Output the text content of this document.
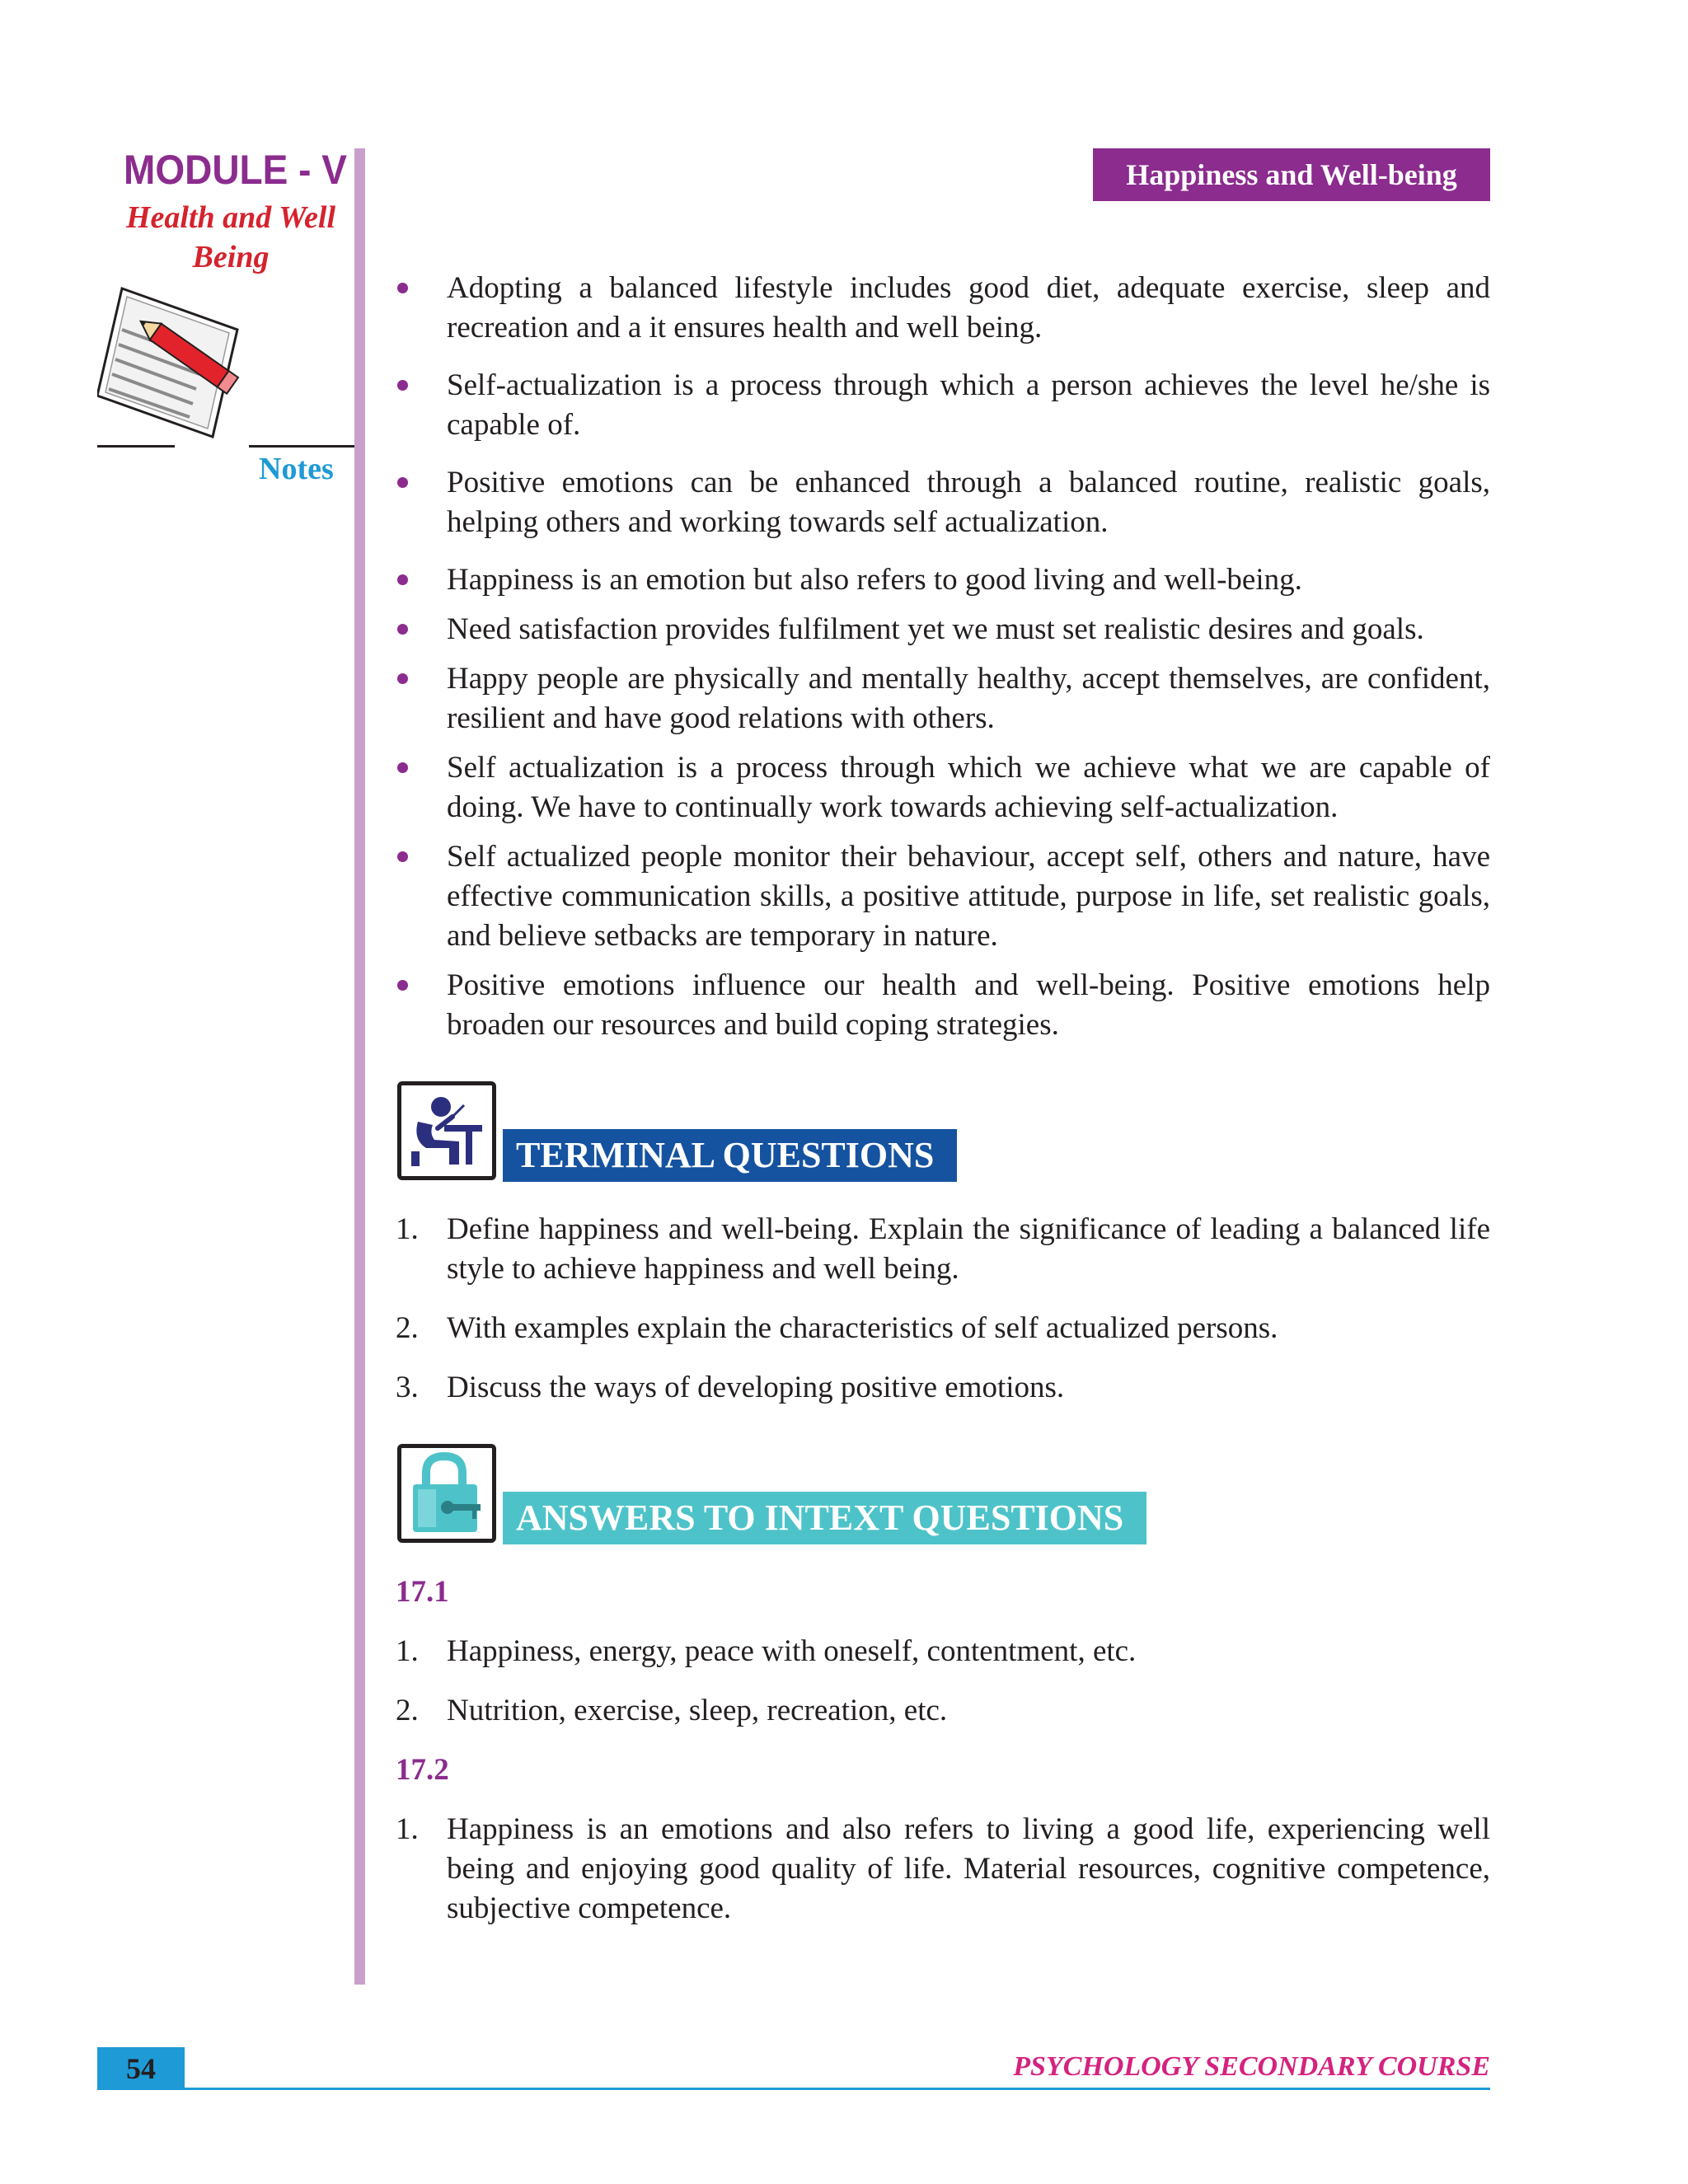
MODULE - V
Health and Well
Being
Notes
Happiness and Well-being
Adopting a balanced lifestyle includes good diet, adequate exercise, sleep and recreation and a it ensures health and well being.
Self-actualization is a process through which a person achieves the level he/she is capable of.
Positive emotions can be enhanced through a balanced routine, realistic goals, helping others and working towards self actualization.
Happiness is an emotion but also refers to good living and well-being.
Need satisfaction provides fulfilment yet we must set realistic desires and goals.
Happy people are physically and mentally healthy, accept themselves, are confident, resilient and have good relations with others.
Self actualization is a process through which we achieve what we are capable of doing. We have to continually work towards achieving self-actualization.
Self actualized people monitor their behaviour, accept self, others and nature, have effective communication skills, a positive attitude, purpose in life, set realistic goals, and believe setbacks are temporary in nature.
Positive emotions influence our health and well-being. Positive emotions help broaden our resources and build coping strategies.
TERMINAL QUESTIONS
1. Define happiness and well-being. Explain the significance of leading a balanced life style to achieve happiness and well being.
2. With examples explain the characteristics of self actualized persons.
3. Discuss the ways of developing positive emotions.
ANSWERS TO INTEXT QUESTIONS
17.1
1. Happiness, energy, peace with oneself, contentment, etc.
2. Nutrition, exercise, sleep, recreation, etc.
17.2
1. Happiness is an emotions and also refers to living a good life, experiencing well being and enjoying good quality of life. Material resources, cognitive competence, subjective competence.
54	PSYCHOLOGY SECONDARY COURSE
